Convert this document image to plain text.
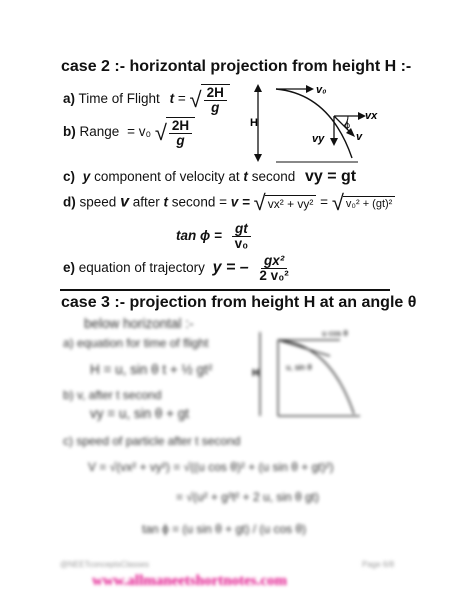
case 2 :- horizontal projection from height H :-
a) Time of Flight t = √ $\frac{2H}{g}$
b) Range = v₀ √ $\frac{2H}{g}$	H
v₀
vx
vy	v
ϕ
c) y component of velocity at t second vy = gt
d) speed v after t second = v = √ vx² + vy² = √ v₀² + (gt)²
$\tan \phi = \frac{gt}{\text{v₀}}$
e) equation of trajectory y = – $\frac{\text{gx²}}{\text{2 v₀²}}$
case 3 :- projection from height H at an angle θ
below horizontal :-
a) equation for time of flight
H = u, sin θ t + ½ gt²
b) v, after t second
vy = u, sin θ + gt
H
u cos θ
u, sin θ
c) speed of particle after t second
V = √(vx² + vy²) = √((u cos θ)² + (u sin θ + gt)²)
= √(u² + g²t² + 2 u, sin θ gt)
tan ϕ = (u sin θ + gt) / (u cos θ)
@NEETconceptsClasses	Page 6/8
www.allmaneetshortnotes.com
